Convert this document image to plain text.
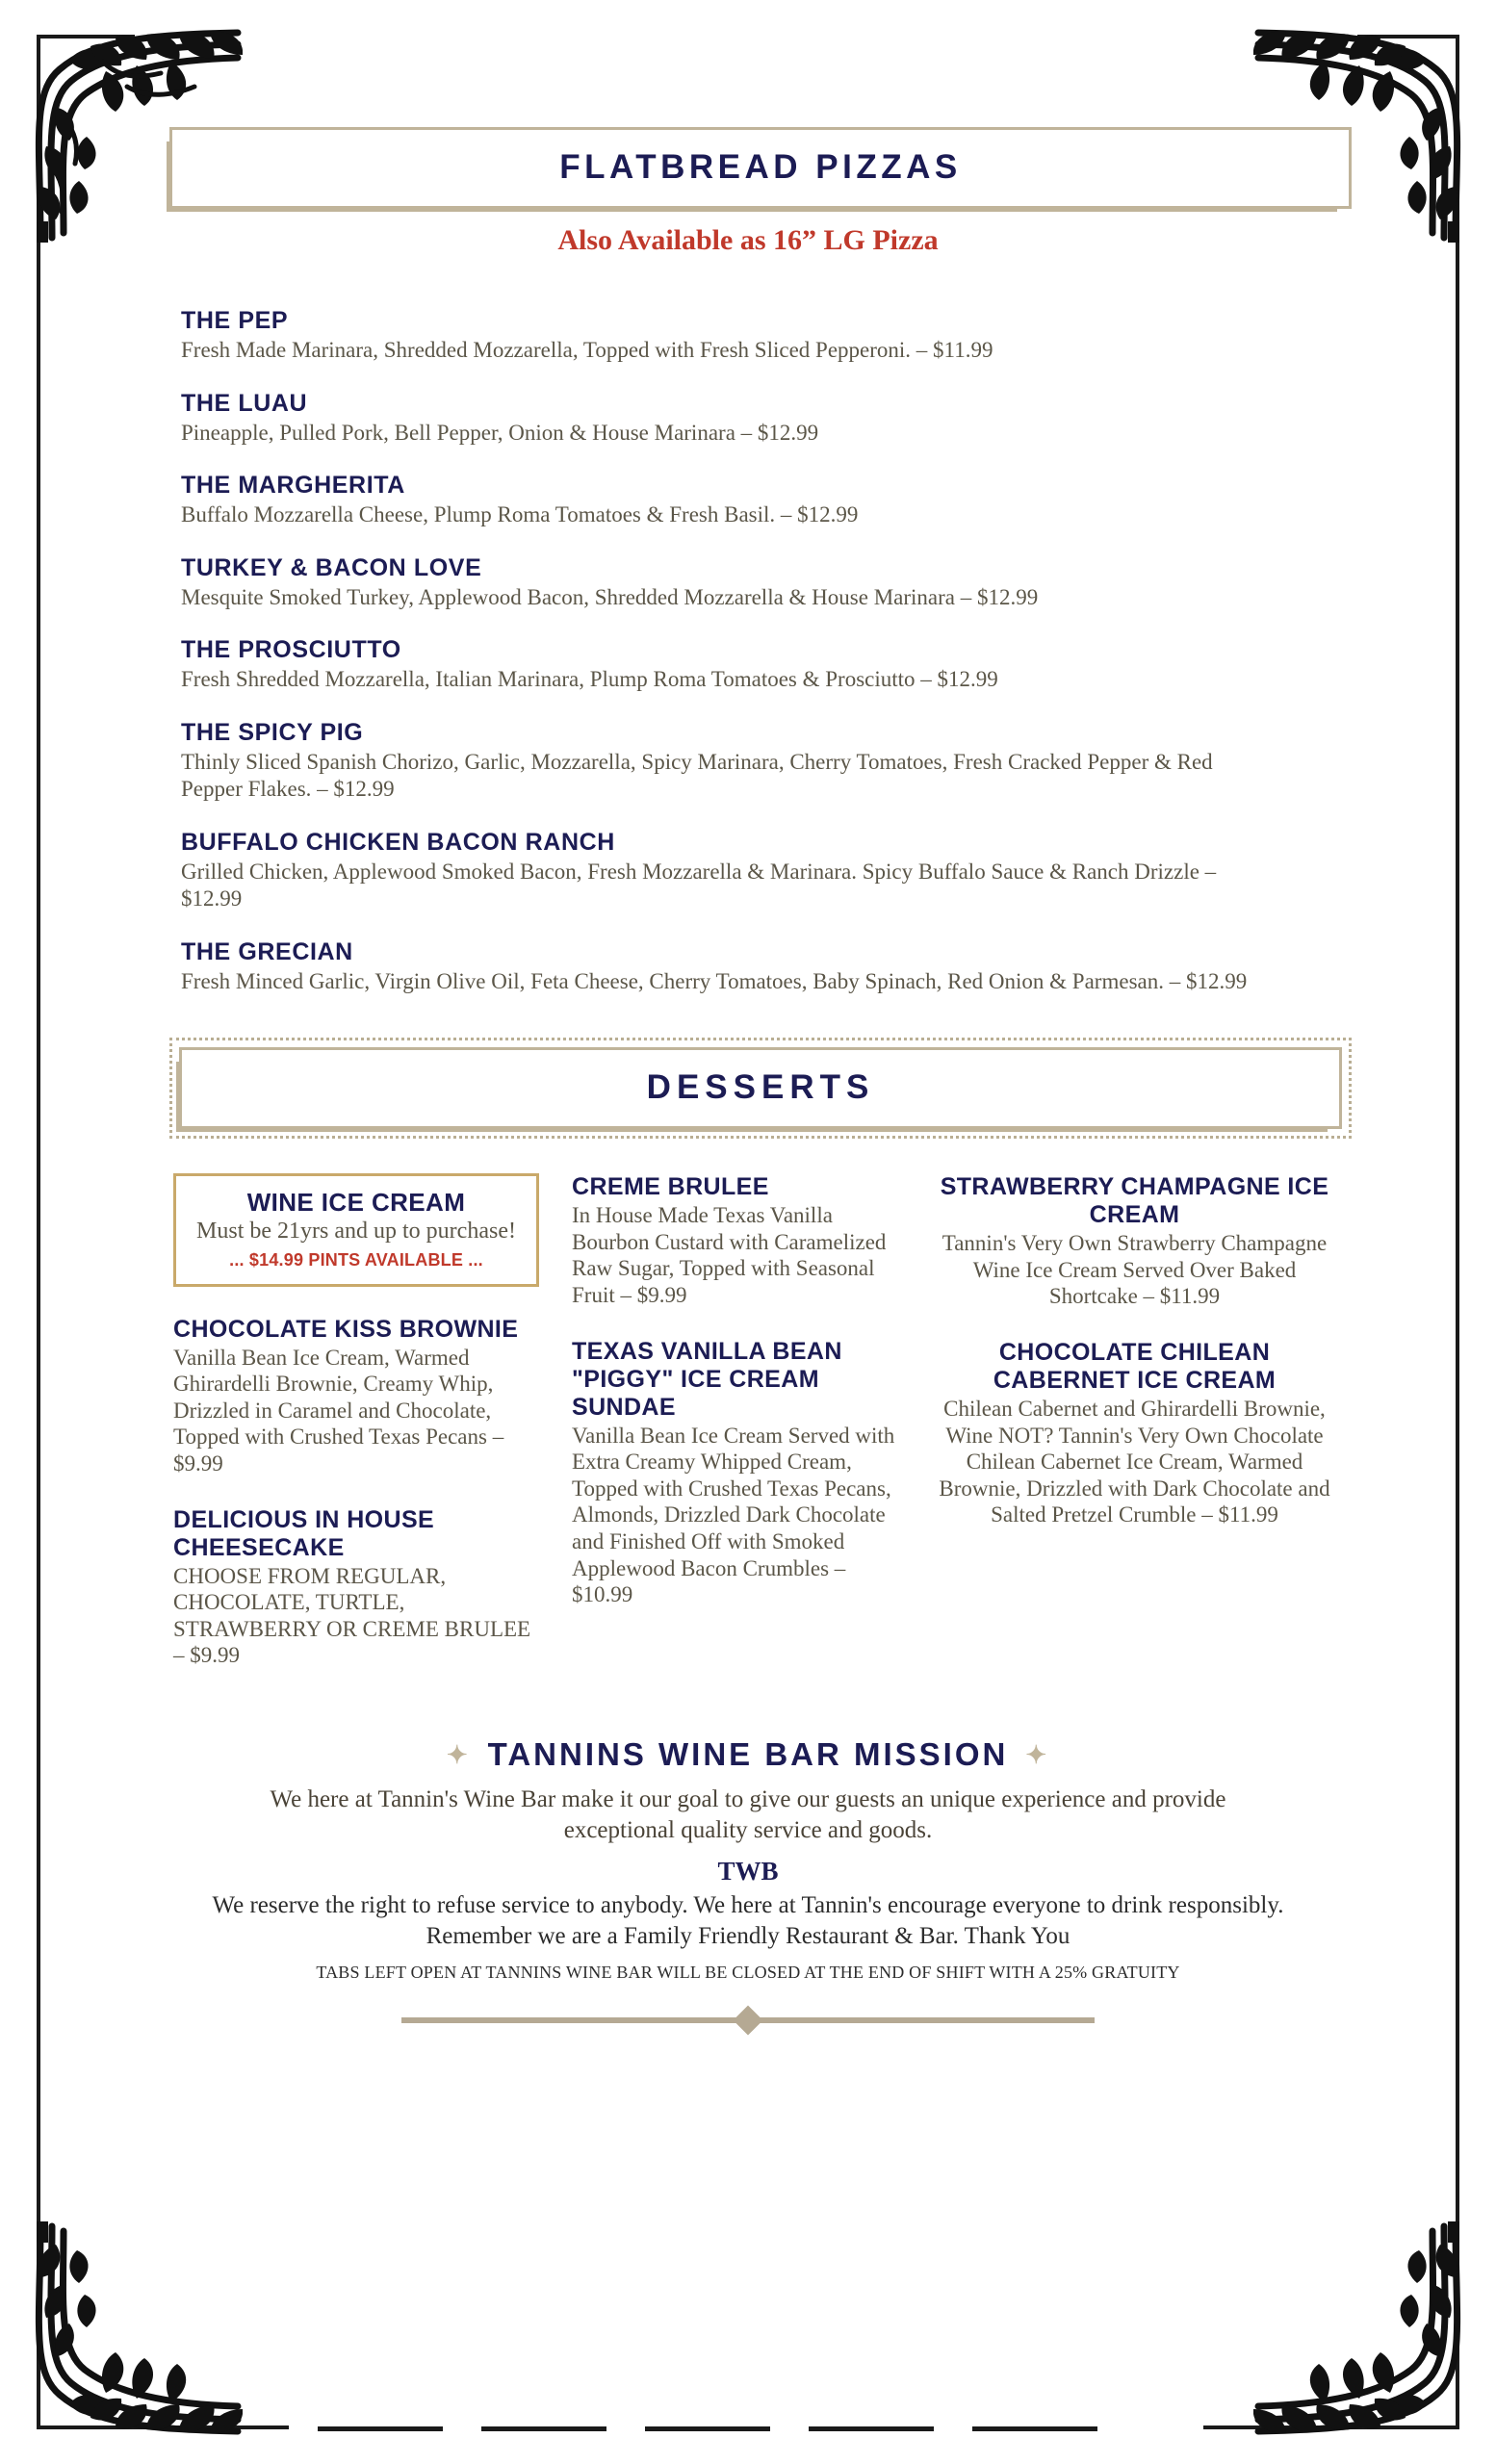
FLATBREAD PIZZAS
Also Available as 16” LG Pizza
THE PEP
Fresh Made Marinara, Shredded Mozzarella, Topped with Fresh Sliced Pepperoni. – $11.99
THE LUAU
Pineapple, Pulled Pork, Bell Pepper, Onion & House Marinara – $12.99
THE MARGHERITA
Buffalo Mozzarella Cheese, Plump Roma Tomatoes & Fresh Basil. – $12.99
TURKEY & BACON LOVE
Mesquite Smoked Turkey, Applewood Bacon, Shredded Mozzarella & House Marinara – $12.99
THE PROSCIUTTO
Fresh Shredded Mozzarella, Italian Marinara, Plump Roma Tomatoes & Prosciutto – $12.99
THE SPICY PIG
Thinly Sliced Spanish Chorizo, Garlic, Mozzarella, Spicy Marinara, Cherry Tomatoes, Fresh Cracked Pepper & Red Pepper Flakes. – $12.99
BUFFALO CHICKEN BACON RANCH
Grilled Chicken, Applewood Smoked Bacon, Fresh Mozzarella & Marinara. Spicy Buffalo Sauce & Ranch Drizzle – $12.99
THE GRECIAN
Fresh Minced Garlic, Virgin Olive Oil, Feta Cheese, Cherry Tomatoes, Baby Spinach, Red Onion & Parmesan. – $12.99
DESSERTS
WINE ICE CREAM
Must be 21yrs and up to purchase!
... $14.99 PINTS AVAILABLE ...
CHOCOLATE KISS BROWNIE
Vanilla Bean Ice Cream, Warmed Ghirardelli Brownie, Creamy Whip, Drizzled in Caramel and Chocolate, Topped with Crushed Texas Pecans – $9.99
DELICIOUS IN HOUSE CHEESECAKE
CHOOSE FROM REGULAR, CHOCOLATE, TURTLE, STRAWBERRY OR CREME BRULEE – $9.99
CREME BRULEE
In House Made Texas Vanilla Bourbon Custard with Caramelized Raw Sugar, Topped with Seasonal Fruit – $9.99
TEXAS VANILLA BEAN "PIGGY" ICE CREAM SUNDAE
Vanilla Bean Ice Cream Served with Extra Creamy Whipped Cream, Topped with Crushed Texas Pecans, Almonds, Drizzled Dark Chocolate and Finished Off with Smoked Applewood Bacon Crumbles – $10.99
STRAWBERRY CHAMPAGNE ICE CREAM
Tannin's Very Own Strawberry Champagne Wine Ice Cream Served Over Baked Shortcake – $11.99
CHOCOLATE CHILEAN CABERNET ICE CREAM
Chilean Cabernet and Ghirardelli Brownie, Wine NOT? Tannin's Very Own Chocolate Chilean Cabernet Ice Cream, Warmed Brownie, Drizzled with Dark Chocolate and Salted Pretzel Crumble – $11.99
✦ TANNINS WINE BAR MISSION ✦
We here at Tannin's Wine Bar make it our goal to give our guests an unique experience and provide exceptional quality service and goods.
TWB
We reserve the right to refuse service to anybody. We here at Tannin's encourage everyone to drink responsibly. Remember we are a Family Friendly Restaurant & Bar. Thank You
TABS LEFT OPEN AT TANNINS WINE BAR WILL BE CLOSED AT THE END OF SHIFT WITH A 25% GRATUITY
